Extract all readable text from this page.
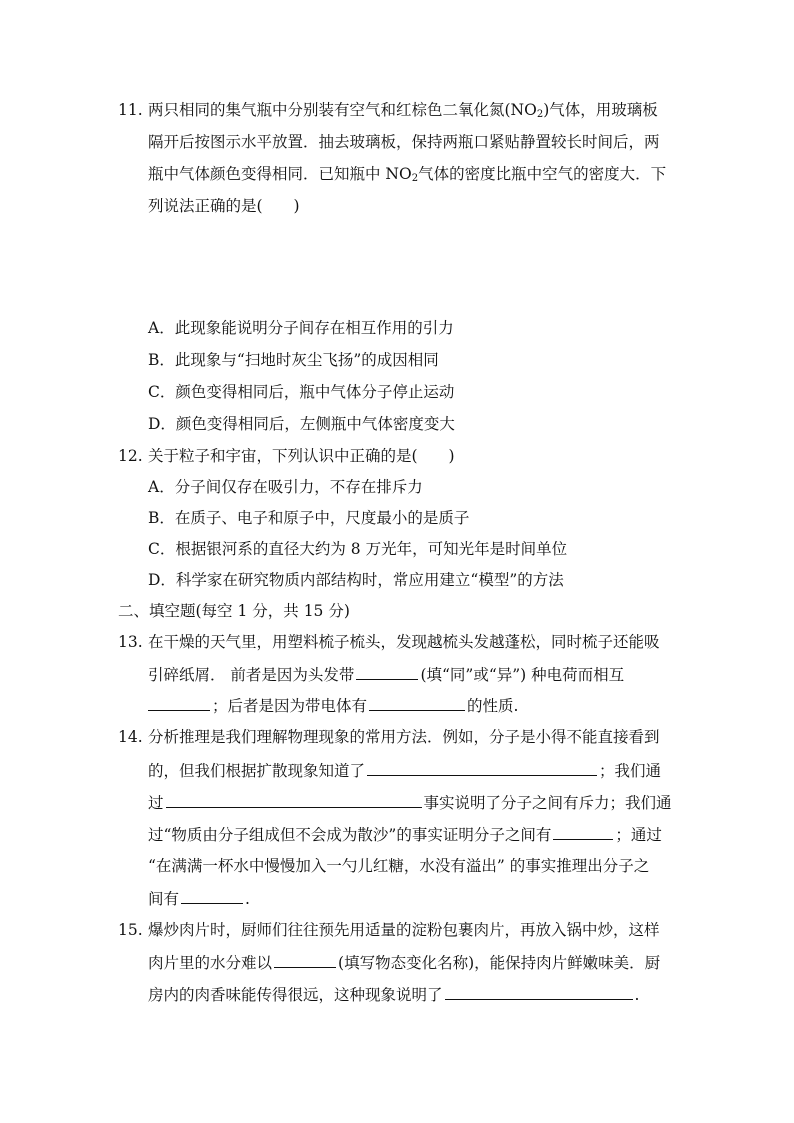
11. 两只相同的集气瓶中分别装有空气和红棕色二氧化氮$(NO_2)$气体，用玻璃板
隔开后按图示水平放置．抽去玻璃板，保持两瓶口紧贴静置较长时间后，两
瓶中气体颜色变得相同．已知瓶中 $NO_2$气体的密度比瓶中空气的密度大．下
列说法正确的是(　　)
A．此现象能说明分子间存在相互作用的引力
B．此现象与“扫地时灰尘飞扬”的成因相同
C．颜色变得相同后，瓶中气体分子停止运动
D．颜色变得相同后，左侧瓶中气体密度变大
12. 关于粒子和宇宙，下列认识中正确的是(　　)
A．分子间仅存在吸引力，不存在排斥力
B．在质子、电子和原子中，尺度最小的是质子
C．根据银河系的直径大约为 8 万光年，可知光年是时间单位
D．科学家在研究物质内部结构时，常应用建立“模型”的方法
二、填空题(每空 1 分，共 15 分)
13. 在干燥的天气里，用塑料梳子梳头，发现越梳头发越蓬松，同时梳子还能吸
引碎纸屑． 前者是因为头发带	(填“同”或“异”) 种电荷而相互
；后者是因为带电体有	的性质.
14. 分析推理是我们理解物理现象的常用方法．例如，分子是小得不能直接看到
的，但我们根据扩散现象知道了	；我们通
过	事实说明了分子之间有斥力；我们通
过“物质由分子组成但不会成为散沙”的事实证明分子之间有	；通过
“在满满一杯水中慢慢加入一勺儿红糖，水没有溢出” 的事实推理出分子之
间有	.
15. 爆炒肉片时，厨师们往往预先用适量的淀粉包裹肉片，再放入锅中炒，这样
肉片里的水分难以	(填写物态变化名称)，能保持肉片鲜嫩味美．厨
房内的肉香味能传得很远，这种现象说明了	.
